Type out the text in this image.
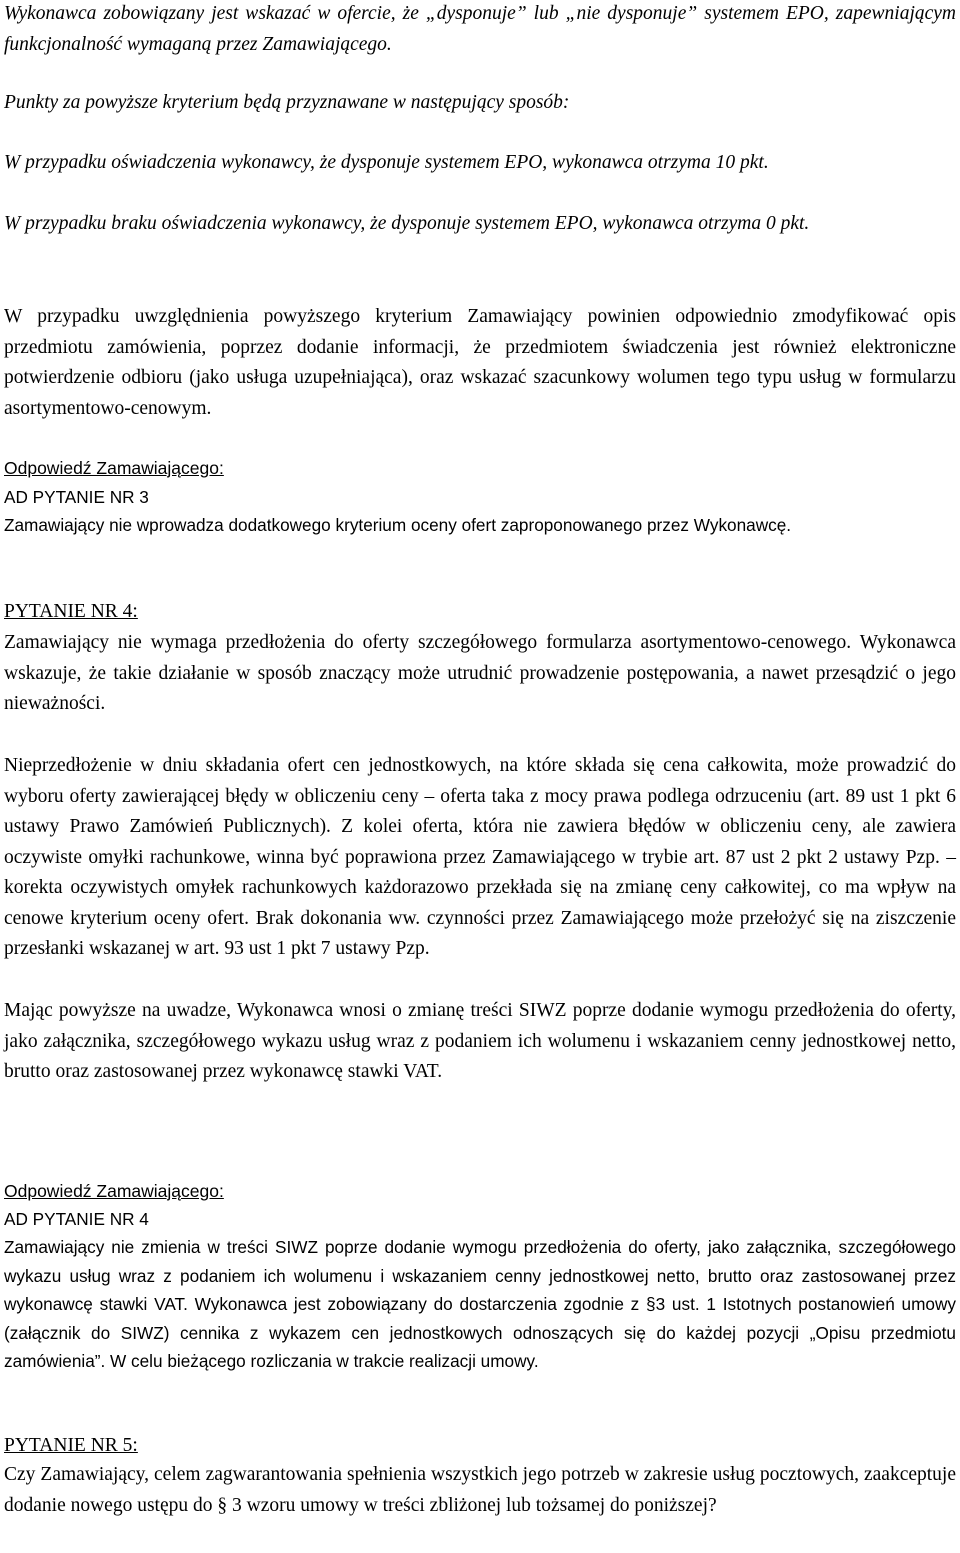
Wykonawca zobowiązany jest wskazać w ofercie, że „dysponuje” lub „nie dysponuje” systemem EPO, zapewniającym funkcjonalność wymaganą przez Zamawiającego.

Punkty za powyższe kryterium będą przyznawane w następujący sposób:

W przypadku oświadczenia wykonawcy, że dysponuje systemem EPO, wykonawca otrzyma 10 pkt.

W przypadku braku oświadczenia wykonawcy, że dysponuje systemem EPO, wykonawca otrzyma 0 pkt.

W przypadku uwzględnienia powyższego kryterium Zamawiający powinien odpowiednio zmodyfikować opis przedmiotu zamówienia, poprzez dodanie informacji, że przedmiotem świadczenia jest również elektroniczne potwierdzenie odbioru (jako usługa uzupełniająca), oraz wskazać szacunkowy wolumen tego typu usług w formularzu asortymentowo-cenowym.

Odpowiedź Zamawiającego:

AD PYTANIE NR 3

Zamawiający nie wprowadza dodatkowego kryterium oceny ofert zaproponowanego przez Wykonawcę.

PYTANIE NR 4:

Zamawiający nie wymaga przedłożenia do oferty szczegółowego formularza asortymentowo-cenowego. Wykonawca wskazuje, że takie działanie w sposób znaczący może utrudnić prowadzenie postępowania, a nawet przesądzić o jego nieważności.

Nieprzedłożenie w dniu składania ofert cen jednostkowych, na które składa się cena całkowita, może prowadzić do wyboru oferty zawierającej błędy w obliczeniu ceny – oferta taka z mocy prawa podlega odrzuceniu (art. 89 ust 1 pkt 6 ustawy Prawo Zamówień Publicznych). Z kolei oferta, która nie zawiera błędów w obliczeniu ceny, ale zawiera oczywiste omyłki rachunkowe, winna być poprawiona przez Zamawiającego w trybie art. 87 ust 2 pkt 2 ustawy Pzp. – korekta oczywistych omyłek rachunkowych każdorazowo przekłada się na zmianę ceny całkowitej, co ma wpływ na cenowe kryterium oceny ofert. Brak dokonania ww. czynności przez Zamawiającego może przełożyć się na ziszczenie przesłanki wskazanej w art. 93 ust 1 pkt 7 ustawy Pzp.

Mając powyższe na uwadze, Wykonawca wnosi o zmianę treści SIWZ poprze dodanie wymogu przedłożenia do oferty, jako załącznika, szczegółowego wykazu usług wraz z podaniem ich wolumenu i wskazaniem cenny jednostkowej netto, brutto oraz zastosowanej przez wykonawcę stawki VAT.

Odpowiedź Zamawiającego:

AD PYTANIE NR 4

Zamawiający nie zmienia w treści SIWZ poprze dodanie wymogu przedłożenia do oferty, jako załącznika, szczegółowego wykazu usług wraz z podaniem ich wolumenu i wskazaniem cenny jednostkowej netto, brutto oraz zastosowanej przez wykonawcę stawki VAT. Wykonawca jest zobowiązany do dostarczenia zgodnie z §3 ust. 1 Istotnych postanowień umowy (załącznik do SIWZ) cennika z wykazem cen jednostkowych odnoszących się do każdej pozycji „Opisu przedmiotu zamówienia”. W celu bieżącego rozliczania w trakcie realizacji umowy.

PYTANIE NR 5:

Czy Zamawiający, celem zagwarantowania spełnienia wszystkich jego potrzeb w zakresie usług pocztowych, zaakceptuje dodanie nowego ustępu do § 3 wzoru umowy w treści zbliżonej lub tożsamej do poniższej?
